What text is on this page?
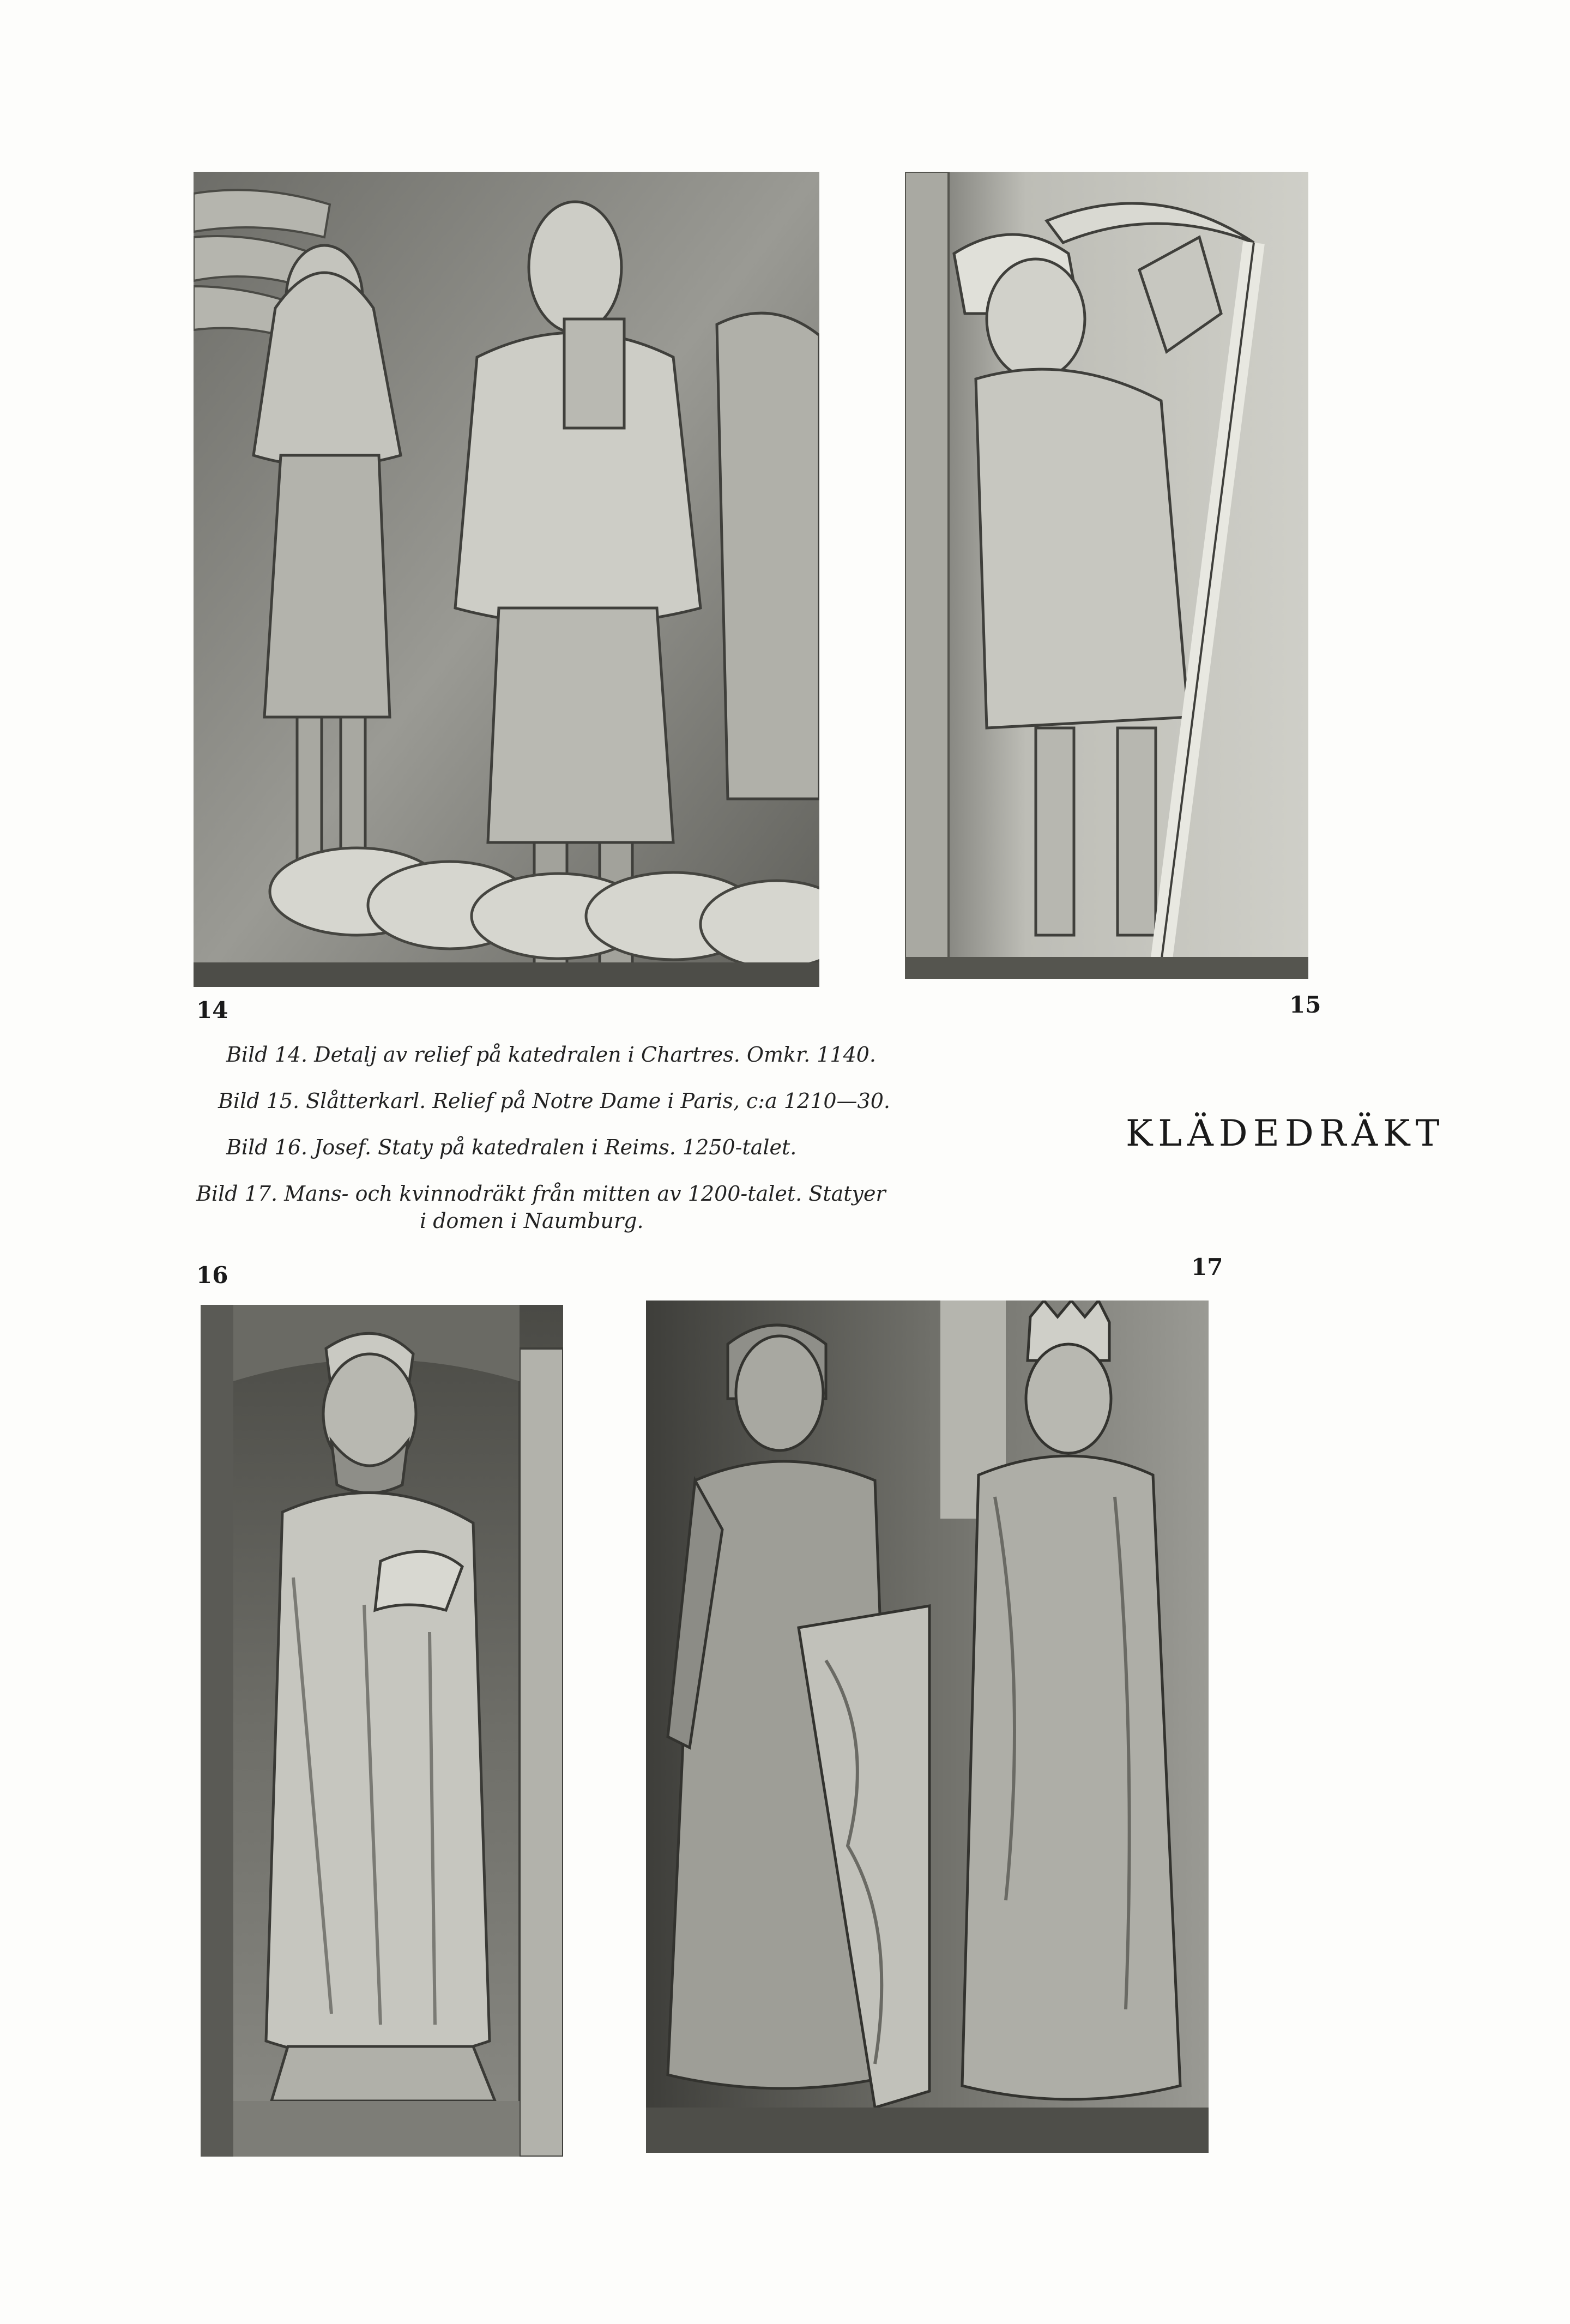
14	15
Bild 14. Detalj av relief på katedralen i Chartres. Omkr. 1140.
Bild 15. Slåtterkarl. Relief på Notre Dame i Paris, c:a 1210—30.
Bild 16. Josef. Staty på katedralen i Reims. 1250-talet.
Bild 17. Mans- och kvinnodräkt från mitten av 1200-talet. Statyer
i domen i Naumburg.
KLÄDEDRÄKT
16	17
